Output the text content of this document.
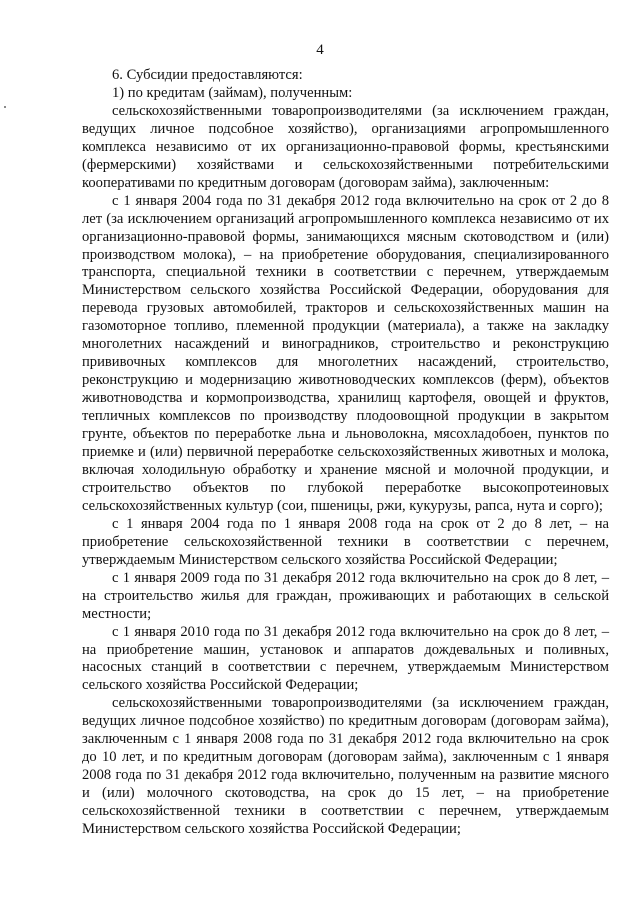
4

6. Субсидии предоставляются:

1) по кредитам (займам), полученным:

сельскохозяйственными товаропроизводителями (за исключением граждан, ведущих личное подсобное хозяйство), организациями агропромышленного комплекса независимо от их организационно-правовой формы, крестьянскими (фермерскими) хозяйствами и сельскохозяйственными потребительскими кооперативами по кредитным договорам (договорам займа), заключенным:

с 1 января 2004 года по 31 декабря 2012 года включительно на срок от 2 до 8 лет (за исключением организаций агропромышленного комплекса независимо от их организационно-правовой формы, занимающихся мясным скотоводством и (или) производством молока), – на приобретение оборудования, специализированного транспорта, специальной техники в соответствии с перечнем, утверждаемым Министерством сельского хозяйства Российской Федерации, оборудования для перевода грузовых автомобилей, тракторов и сельскохозяйственных машин на газомоторное топливо, племенной продукции (материала), а также на закладку многолетних насаждений и виноградников, строительство и реконструкцию прививочных комплексов для многолетних насаждений, строительство, реконструкцию и модернизацию животноводческих комплексов (ферм), объектов животноводства и кормопроизводства, хранилищ картофеля, овощей и фруктов, тепличных комплексов по производству плодоовощной продукции в закрытом грунте, объектов по переработке льна и льноволокна, мясохладобоен, пунктов по приемке и (или) первичной переработке сельскохозяйственных животных и молока, включая холодильную обработку и хранение мясной и молочной продукции, и строительство объектов по глубокой переработке высокопротеиновых сельскохозяйственных культур (сои, пшеницы, ржи, кукурузы, рапса, нута и сорго);

с 1 января 2004 года по 1 января 2008 года на срок от 2 до 8 лет, – на приобретение сельскохозяйственной техники в соответствии с перечнем, утверждаемым Министерством сельского хозяйства Российской Федерации;

с 1 января 2009 года по 31 декабря 2012 года включительно на срок до 8 лет, – на строительство жилья для граждан, проживающих и работающих в сельской местности;

с 1 января 2010 года по 31 декабря 2012 года включительно на срок до 8 лет, – на приобретение машин, установок и аппаратов дождевальных и поливных, насосных станций в соответствии с перечнем, утверждаемым Министерством сельского хозяйства Российской Федерации;

сельскохозяйственными товаропроизводителями (за исключением граждан, ведущих личное подсобное хозяйство) по кредитным договорам (договорам займа), заключенным с 1 января 2008 года по 31 декабря 2012 года включительно на срок до 10 лет, и по кредитным договорам (договорам займа), заключенным с 1 января 2008 года по 31 декабря 2012 года включительно, полученным на развитие мясного и (или) молочного скотоводства, на срок до 15 лет, – на приобретение сельскохозяйственной техники в соответствии с перечнем, утверждаемым Министерством сельского хозяйства Российской Федерации;
